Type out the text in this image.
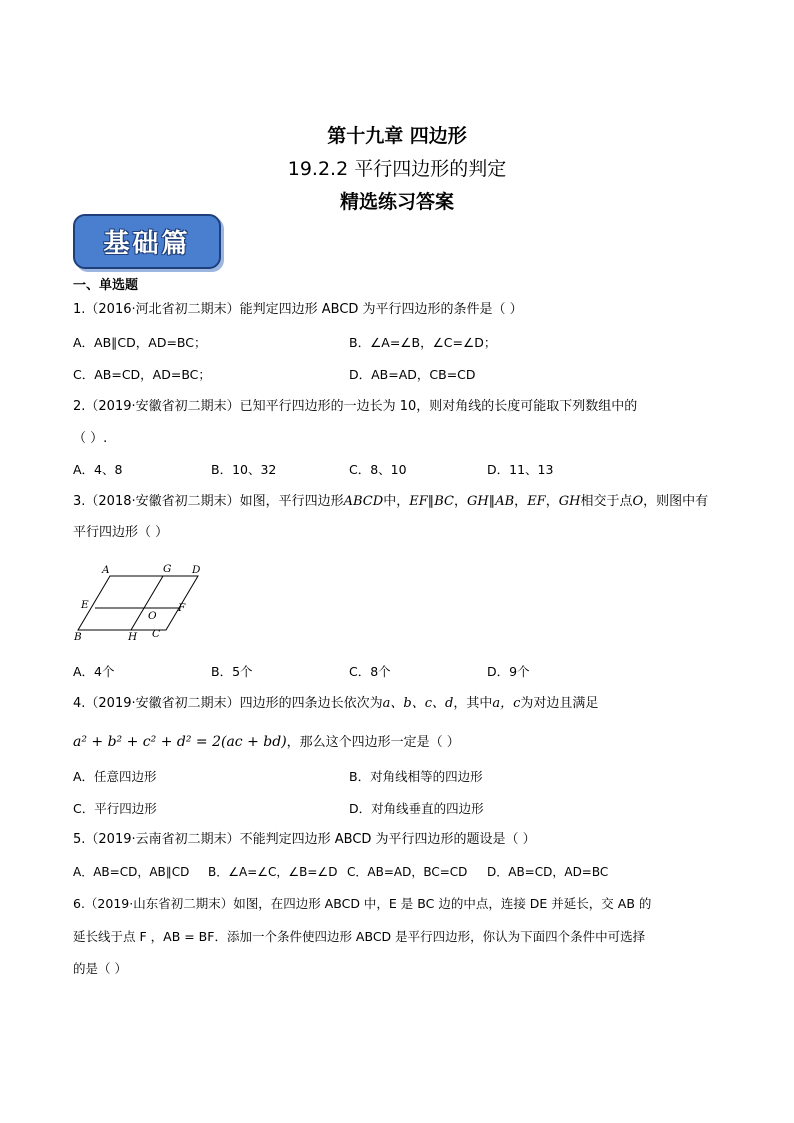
第十九章 四边形
19.2.2 平行四边形的判定
精选练习答案
基础篇
一、单选题
1.（2016·河北省初二期末）能判定四边形 ABCD 为平行四边形的条件是（ ）
A．AB∥CD，AD=BC；	B．∠A=∠B，∠C=∠D；
C．AB=CD，AD=BC；	D．AB=AD，CB=CD
2.（2019·安徽省初二期末）已知平行四边形的一边长为 10，则对角线的长度可能取下列数组中的
（ ）.
A．4、8	B．10、32	C．8、10	D．11、13
3.（2018·安徽省初二期末）如图，平行四边形ABCD中，EF∥BC，GH∥AB，EF，GH相交于点O，则图中有
平行四边形（ ）
A	G D
E	F
O
B	H C
A．4个	B．5个	C．8个	D．9个
4.（2019·安徽省初二期末）四边形的四条边长依次为a、b、c、d，其中a，c为对边且满足
a² + b² + c² + d² = 2(ac + bd)，那么这个四边形一定是（ ）
A．任意四边形	B．对角线相等的四边形
C．平行四边形	D．对角线垂直的四边形
5.（2019·云南省初二期末）不能判定四边形 ABCD 为平行四边形的题设是（ ）
A．AB=CD，AB∥CD B．∠A=∠C，∠B=∠D C．AB=AD，BC=CD D．AB=CD，AD=BC
6.（2019·山东省初二期末）如图，在四边形 ABCD 中，E 是 BC 边的中点，连接 DE 并延长，交 AB 的
延长线于点 F ，AB = BF．添加一个条件使四边形 ABCD 是平行四边形，你认为下面四个条件中可选择
的是（ ）
